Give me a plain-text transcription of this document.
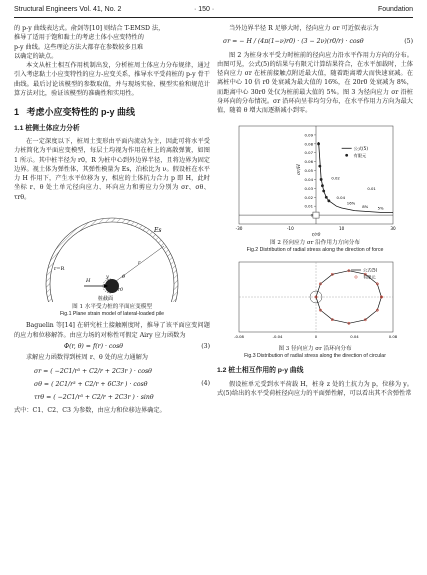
Structural Engineers Vol. 41, No. 2	· 150 ·	Foundation

的 p-y 曲线表达式。俞剑等[10] 则结合 T-EMSD 法，

推导了适用于饱和黏土的考虑土体小应变特性的

p-y 曲线。这些理论方法大都存在参数较多且难

以确定的缺点。

本文从桩土相互作用机制出发，分析桩周土体应力分布规律，通过引入考虑黏土小应变特性的应力-应变关系，推导水平受荷桩的 p-y 骨干曲线。最后讨论该模型的参数取值，并与现场实验、模型实验和规范计算方法对比，验证该模型的准确性和实用性。

1 考虑小应变特性的 p-y 曲线
1.1 桩侧土体应力分析

在一定深度以下，桩周土变形由平面内流动为主，因此可将水平受力桩简化为平面应变模型，每层土均视为作用在桩上的离散弹簧，如图 1 所示。其中桩半径为 r0，R 为桩中心到外边界半径，且将边界为固定边界。视土体为弹性体，其弹性模量为 Es，泊松比为 ν。假设桩在水平力 H 作用下，产生水平位移为 y，相应的土体抗力合力 p 即 H，此时坐标 r、θ 处土单元径向应力、环向应力和剪应力分别为 σr、σθ、τrθ。

Es
r=R
H
y
r0
r
θ
桩截面
图 1 水平受力桩的平面应变模型
Fig.1 Plane strain model of lateral-loaded pile

Baguelin 等[14] 在研究桩土接触刚度时，推导了该平面应变问题的应力和位移解答。由应力场的对称性可假定 Airy 应力函数为

Φ(r, θ) = f(r) · cosθ	(3)

求解应力函数得到桩周 r、θ 处的应力通解为

σr = ( −2C1/r³ + C2/r + 2C3r ) · cosθ
σθ = ( 2C1/r³ + C2/r + 6C3r ) · cosθ
τrθ = ( −2C1/r³ + C2/r + 2C3r ) · sinθ
(4)

式中：C1、C2、C3 为参数，由应力和位移边界确定。

当外边界半径 R 足够大时，径向应力 σr 可近似表示为

σr = − H / (4π(1−ν)r0) · (3 − 2ν)(r0/r) · cosθ	(5)

图 2 为桩身水平受力时桩前的径向应力沿水平作用力方向的分布。由图可见，公式(5)的结果与有限元计算结果符合，在水平加载时，土体径向应力 σr 在桩前接触点附近最大值，随着距离增大而快速衰减。在离桩中心 10 倍 r0 处衰减为最大值的 16%，在 20r0 处衰减为 8%，而距离中心 30r0 处仅为桩前最大值的 5%。图 3 为径向应力 σr 沿桩身环向的分布情况。σr 沿环向呈非均匀分布，在水平作用力方向为最大值，随着 θ 增大而逐渐减小到零。

0
0.01
0.02
0.03
0.04
0.05
0.06
0.07
0.08
0.09
-30	-10	10	30
r/r0
σr/H
0.04
16%
8% 5%
0.02
0.01
公式(5)
有限元
图 2 径向应力 σr 沿作用力方向分布
Fig.2 Distribution of radial stress along the direction of force
-0.08	-0.04	0	0.04	0.08
公式(5)
有限元
图 3 径向应力 σr 沿环向分布
Fig.3 Distribution of radial stress along the direction of circular
1.2 桩土相互作用的 p-y 曲线

假设桩单元受到水平荷载 H，桩身 z 处的土抗力为 p，位移为 y。式(5)给出的水平受荷桩径向应力的平面弹性解，可以看出其不含弹性常
